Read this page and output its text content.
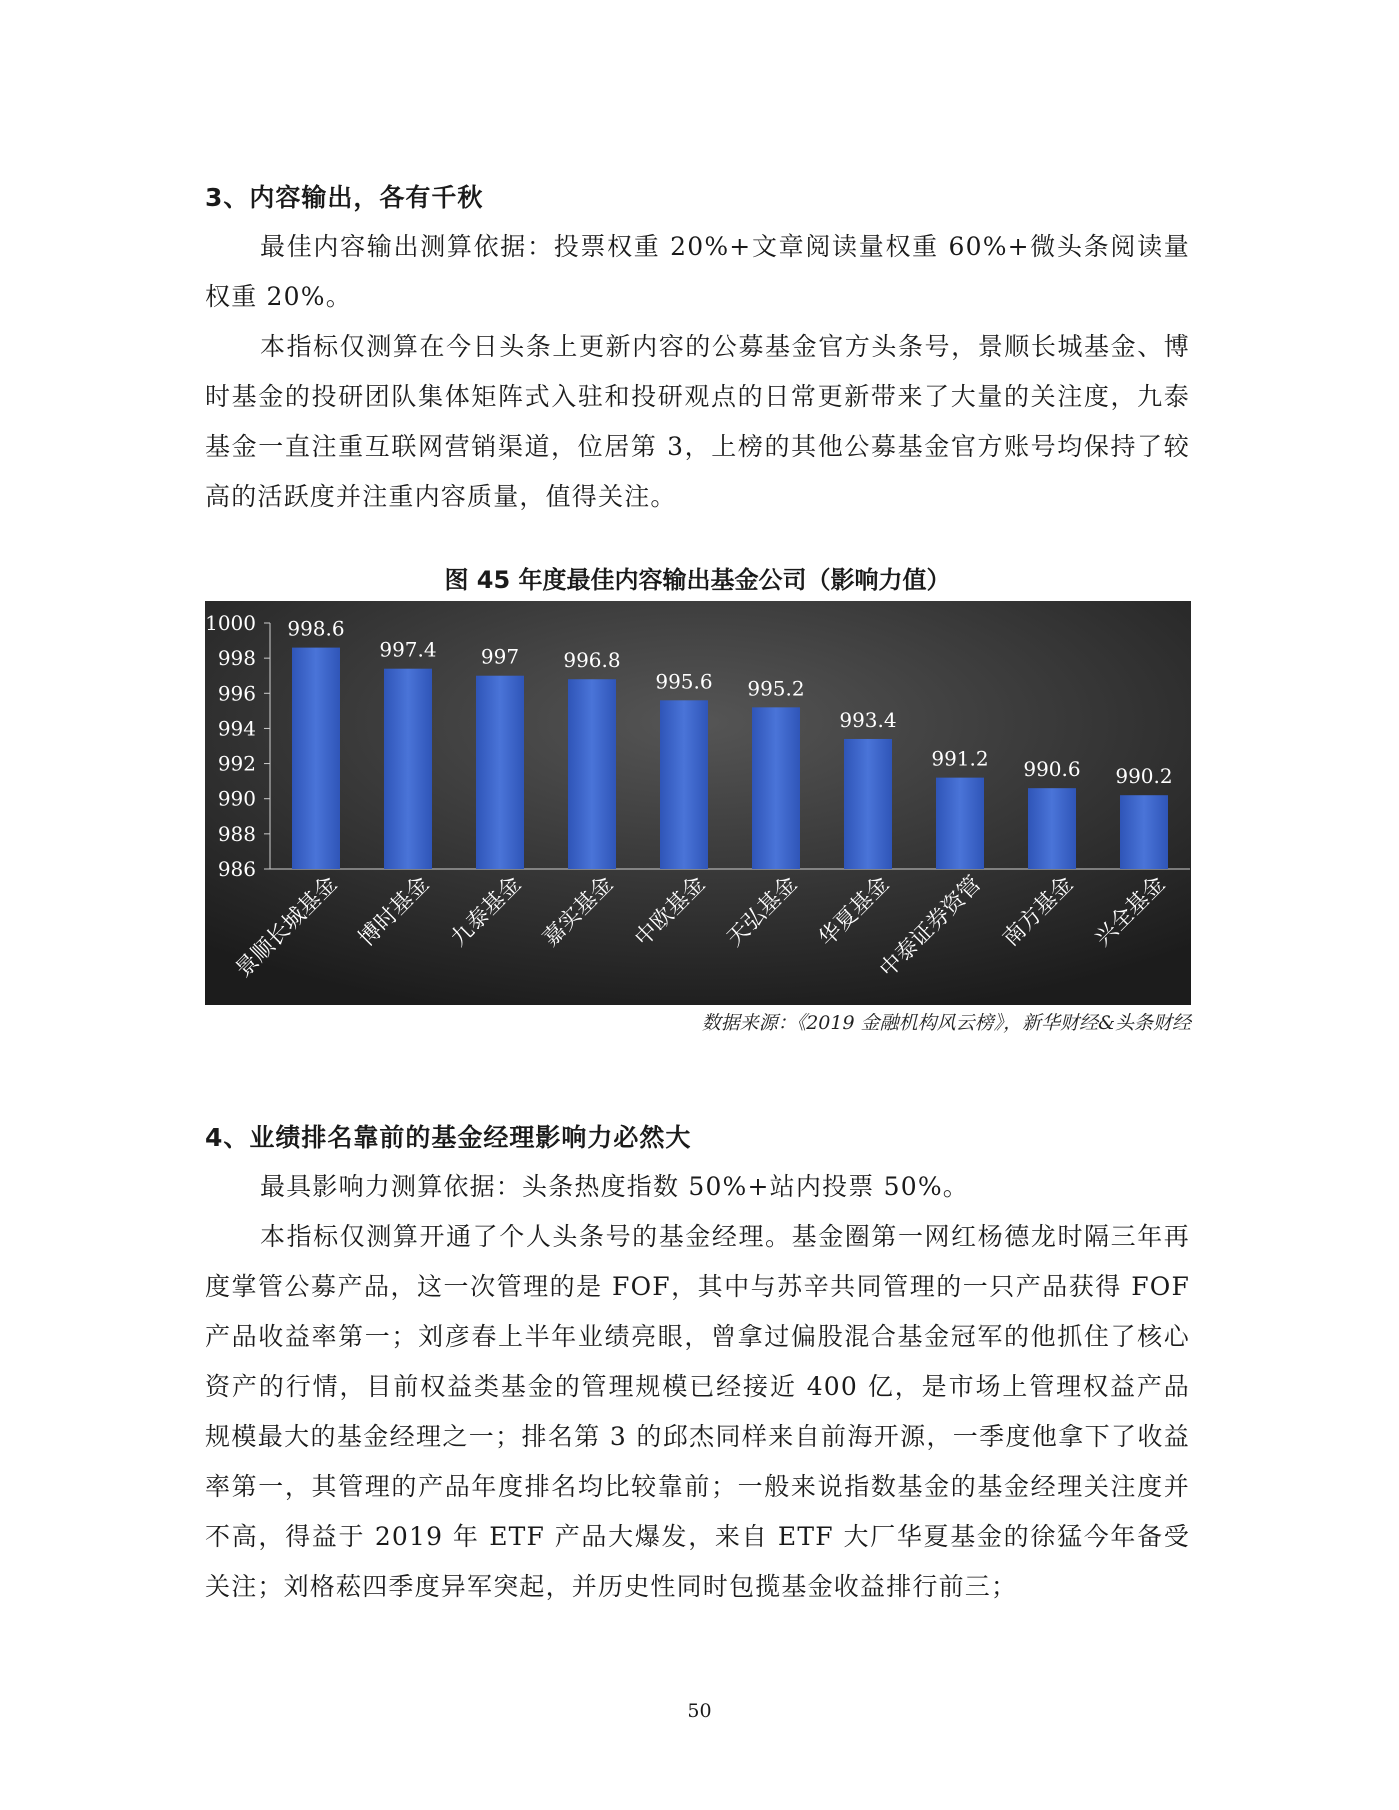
3、内容输出，各有千秋

最佳内容输出测算依据：投票权重 20%+文章阅读量权重 60%+微头条阅读量权重 20%。

本指标仅测算在今日头条上更新内容的公募基金官方头条号，景顺长城基金、博时基金的投研团队集体矩阵式入驻和投研观点的日常更新带来了大量的关注度，九泰基金一直注重互联网营销渠道，位居第 3，上榜的其他公募基金官方账号均保持了较高的活跃度并注重内容质量，值得关注。

图 45 年度最佳内容输出基金公司（影响力值）
986
988
990
992
994
996
998
1000 998.6
景顺长城基金
997.4
博时基金
997
九泰基金
996.8
嘉实基金
995.6
中欧基金
995.2
天弘基金
993.4
华夏基金
991.2
中泰证券资管
990.6
南方基金
990.2
兴全基金

数据来源：《2019 金融机构风云榜》，新华财经&头条财经

4、业绩排名靠前的基金经理影响力必然大

最具影响力测算依据：头条热度指数 50%+站内投票 50%。

本指标仅测算开通了个人头条号的基金经理。基金圈第一网红杨德龙时隔三年再度掌管公募产品，这一次管理的是 FOF，其中与苏辛共同管理的一只产品获得 FOF 产品收益率第一；刘彦春上半年业绩亮眼，曾拿过偏股混合基金冠军的他抓住了核心资产的行情，目前权益类基金的管理规模已经接近 400 亿，是市场上管理权益产品规模最大的基金经理之一；排名第 3 的邱杰同样来自前海开源，一季度他拿下了收益率第一，其管理的产品年度排名均比较靠前；一般来说指数基金的基金经理关注度并不高，得益于 2019 年 ETF 产品大爆发，来自 ETF 大厂华夏基金的徐猛今年备受关注；刘格菘四季度异军突起，并历史性同时包揽基金收益排行前三；

50
